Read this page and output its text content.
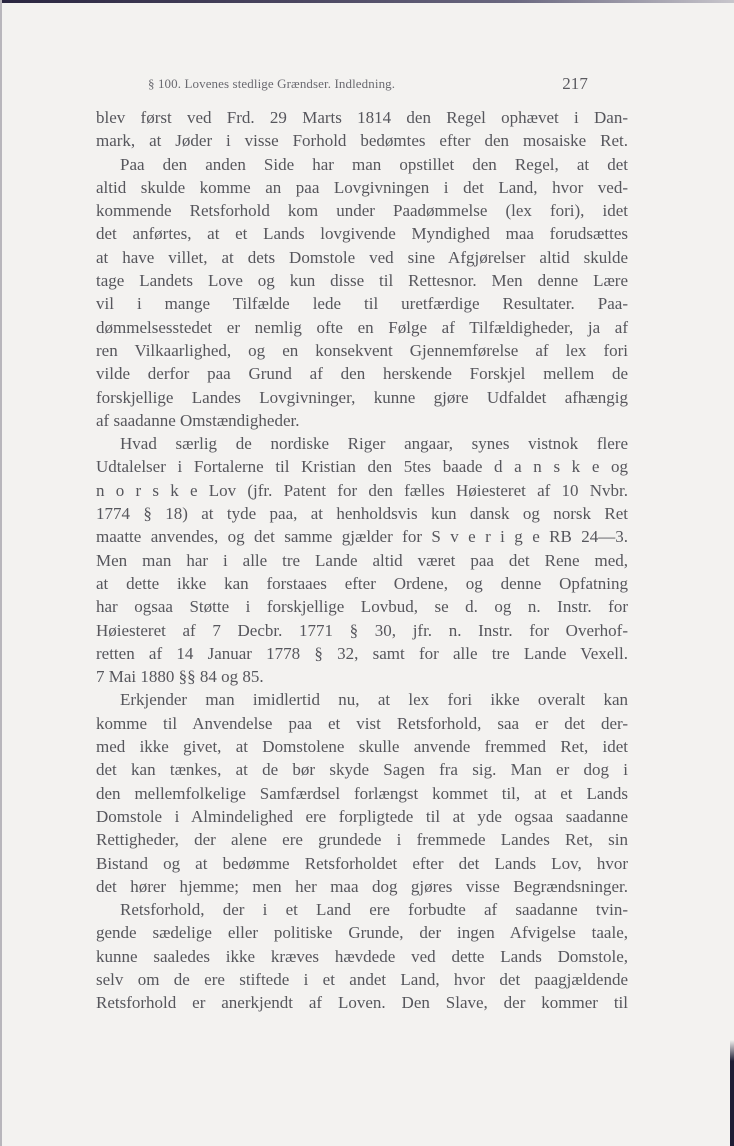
§ 100. Lovenes stedlige Grændser. Indledning.	217
blev først ved Frd. 29 Marts 1814 den Regel ophævet i Dan-
mark, at Jøder i visse Forhold bedømtes efter den mosaiske Ret.
Paa den anden Side har man opstillet den Regel, at det
altid skulde komme an paa Lovgivningen i det Land, hvor ved-
kommende Retsforhold kom under Paadømmelse (lex fori), idet
det anførtes, at et Lands lovgivende Myndighed maa forudsættes
at have villet, at dets Domstole ved sine Afgjørelser altid skulde
tage Landets Love og kun disse til Rettesnor. Men denne Lære
vil i mange Tilfælde lede til uretfærdige Resultater. Paa-
dømmelsesstedet er nemlig ofte en Følge af Tilfældigheder, ja af
ren Vilkaarlighed, og en konsekvent Gjennemførelse af lex fori
vilde derfor paa Grund af den herskende Forskjel mellem de
forskjellige Landes Lovgivninger, kunne gjøre Udfaldet afhængig
af saadanne Omstændigheder.
Hvad særlig de nordiske Riger angaar, synes vistnok flere
Udtalelser i Fortalerne til Kristian den 5tes baade d a n s k e og
n o r s k e Lov (jfr. Patent for den fælles Høiesteret af 10 Nvbr.
1774 § 18) at tyde paa, at henholdsvis kun dansk og norsk Ret
maatte anvendes, og det samme gjælder for S v e r i g e RB 24—3.
Men man har i alle tre Lande altid været paa det Rene med,
at dette ikke kan forstaaes efter Ordene, og denne Opfatning
har ogsaa Støtte i forskjellige Lovbud, se d. og n. Instr. for
Høiesteret af 7 Decbr. 1771 § 30, jfr. n. Instr. for Overhof-
retten af 14 Januar 1778 § 32, samt for alle tre Lande Vexell.
7 Mai 1880 §§ 84 og 85.
Erkjender man imidlertid nu, at lex fori ikke overalt kan
komme til Anvendelse paa et vist Retsforhold, saa er det der-
med ikke givet, at Domstolene skulle anvende fremmed Ret, idet
det kan tænkes, at de bør skyde Sagen fra sig. Man er dog i
den mellemfolkelige Samfærdsel forlængst kommet til, at et Lands
Domstole i Almindelighed ere forpligtede til at yde ogsaa saadanne
Rettigheder, der alene ere grundede i fremmede Landes Ret, sin
Bistand og at bedømme Retsforholdet efter det Lands Lov, hvor
det hører hjemme; men her maa dog gjøres visse Begrændsninger.
Retsforhold, der i et Land ere forbudte af saadanne tvin-
gende sædelige eller politiske Grunde, der ingen Afvigelse taale,
kunne saaledes ikke kræves hævdede ved dette Lands Domstole,
selv om de ere stiftede i et andet Land, hvor det paagjældende
Retsforhold er anerkjendt af Loven. Den Slave, der kommer til
